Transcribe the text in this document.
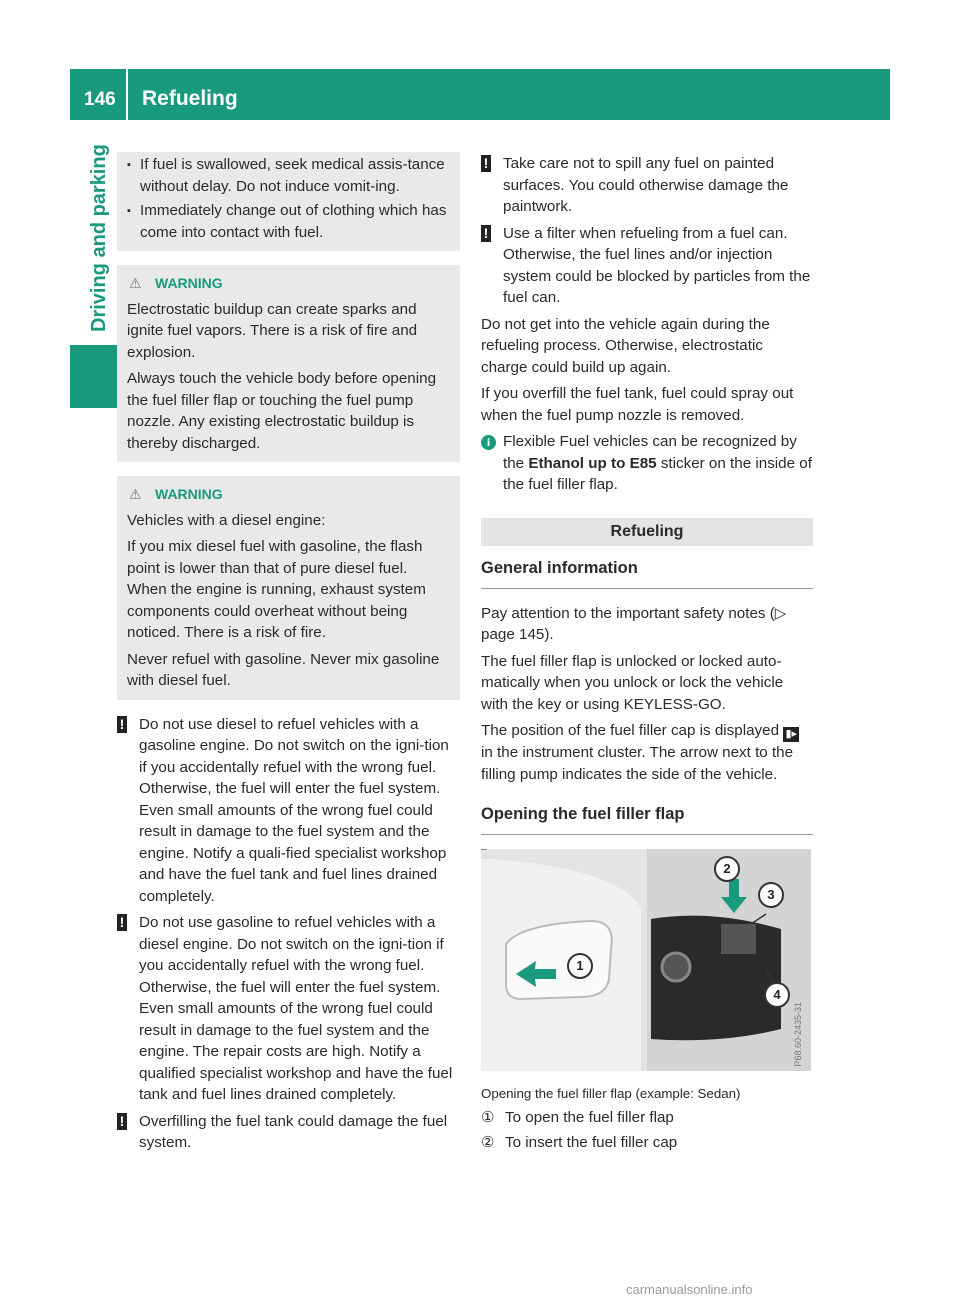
146 Refueling
Driving and parking ▪ If fuel is swallowed, seek medical assis-tance without delay. Do not induce vomit-ing.
▪ Immediately change out of clothing which has come into contact with fuel.
⚠ WARNING
Electrostatic buildup can create sparks and ignite fuel vapors. There is a risk of fire and explosion.
Always touch the vehicle body before opening the fuel filler flap or touching the fuel pump nozzle. Any existing electrostatic buildup is thereby discharged.
⚠ WARNING
Vehicles with a diesel engine:
If you mix diesel fuel with gasoline, the flash point is lower than that of pure diesel fuel. When the engine is running, exhaust system components could overheat without being noticed. There is a risk of fire.
Never refuel with gasoline. Never mix gasoline with diesel fuel.
! Do not use diesel to refuel vehicles with a gasoline engine. Do not switch on the igni-tion if you accidentally refuel with the wrong fuel. Otherwise, the fuel will enter the fuel system. Even small amounts of the wrong fuel could result in damage to the fuel system and the engine. Notify a quali-fied specialist workshop and have the fuel tank and fuel lines drained completely.
! Do not use gasoline to refuel vehicles with a diesel engine. Do not switch on the igni-tion if you accidentally refuel with the wrong fuel. Otherwise, the fuel will enter the fuel system. Even small amounts of the wrong fuel could result in damage to the fuel system and the engine. The repair costs are high. Notify a qualified specialist workshop and have the fuel tank and fuel lines drained completely.
! Overfilling the fuel tank could damage the fuel system.
! Take care not to spill any fuel on painted surfaces. You could otherwise damage the paintwork.
! Use a filter when refueling from a fuel can. Otherwise, the fuel lines and/or injection system could be blocked by particles from the fuel can.
Do not get into the vehicle again during the refueling process. Otherwise, electrostatic charge could build up again.
If you overfill the fuel tank, fuel could spray out when the fuel pump nozzle is removed.
i Flexible Fuel vehicles can be recognized by the Ethanol up to E85 sticker on the inside of the fuel filler flap.
Refueling
General information
Pay attention to the important safety notes (▷ page 145).
The fuel filler flap is unlocked or locked auto-matically when you unlock or lock the vehicle with the key or using KEYLESS-GO.
The position of the fuel filler cap is displayed ▮▸ in the instrument cluster. The arrow next to the filling pump indicates the side of the vehicle.
Opening the fuel filler flap
1
2
3
4
P68.60-2435-31
Opening the fuel filler flap (example: Sedan)
① To open the fuel filler flap
② To insert the fuel filler cap
carmanualsonline.info
